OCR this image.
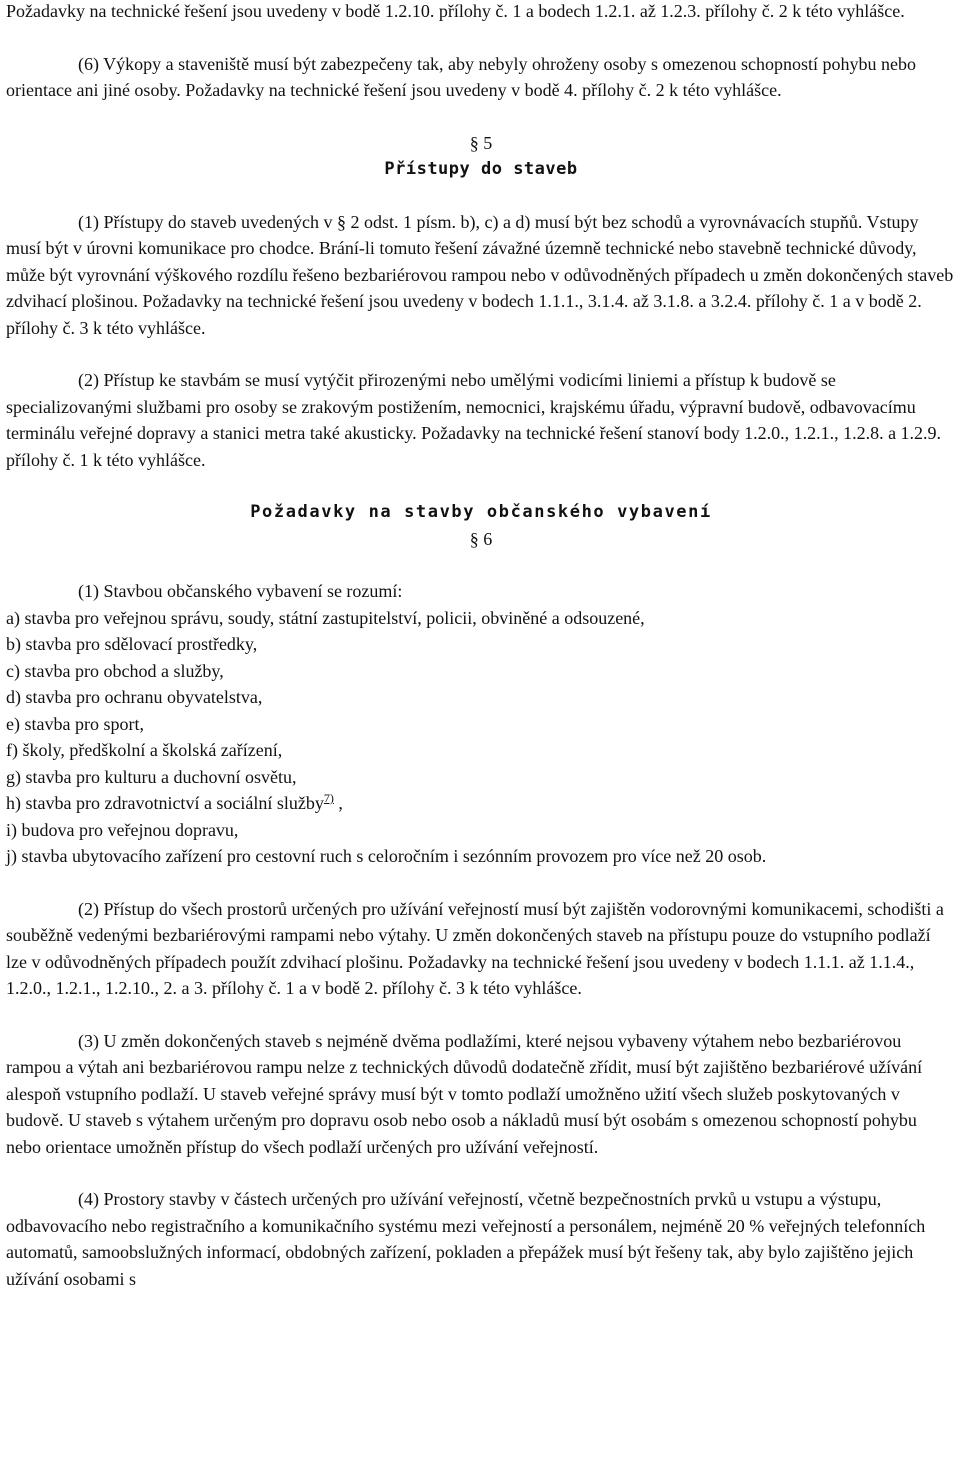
Požadavky na technické řešení jsou uvedeny v bodě 1.2.10. přílohy č. 1 a bodech 1.2.1. až 1.2.3. přílohy č. 2 k této vyhlášce.

(6) Výkopy a staveniště musí být zabezpečeny tak, aby nebyly ohroženy osoby s omezenou schopností pohybu nebo orientace ani jiné osoby. Požadavky na technické řešení jsou uvedeny v bodě 4. přílohy č. 2 k této vyhlášce.

§ 5

Přístupy do staveb

(1) Přístupy do staveb uvedených v § 2 odst. 1 písm. b), c) a d) musí být bez schodů a vyrovnávacích stupňů. Vstupy musí být v úrovni komunikace pro chodce. Brání-li tomuto řešení závažné územně technické nebo stavebně technické důvody, může být vyrovnání výškového rozdílu řešeno bezbariérovou rampou nebo v odůvodněných případech u změn dokončených staveb zdvihací plošinou. Požadavky na technické řešení jsou uvedeny v bodech 1.1.1., 3.1.4. až 3.1.8. a 3.2.4. přílohy č. 1 a v bodě 2. přílohy č. 3 k této vyhlášce.

(2) Přístup ke stavbám se musí vytýčit přirozenými nebo umělými vodicími liniemi a přístup k budově se specializovanými službami pro osoby se zrakovým postižením, nemocnici, krajskému úřadu, výpravní budově, odbavovacímu terminálu veřejné dopravy a stanici metra také akusticky. Požadavky na technické řešení stanoví body 1.2.0., 1.2.1., 1.2.8. a 1.2.9. přílohy č. 1 k této vyhlášce.

Požadavky na stavby občanského vybavení

§ 6

(1) Stavbou občanského vybavení se rozumí:

a) stavba pro veřejnou správu, soudy, státní zastupitelství, policii, obviněné a odsouzené,

b) stavba pro sdělovací prostředky,

c) stavba pro obchod a služby,

d) stavba pro ochranu obyvatelstva,

e) stavba pro sport,

f) školy, předškolní a školská zařízení,

g) stavba pro kulturu a duchovní osvětu,

h) stavba pro zdravotnictví a sociální služby$^{7)}$ ,

i) budova pro veřejnou dopravu,

j) stavba ubytovacího zařízení pro cestovní ruch s celoročním i sezónním provozem pro více než 20 osob.

(2) Přístup do všech prostorů určených pro užívání veřejností musí být zajištěn vodorovnými komunikacemi, schodišti a souběžně vedenými bezbariérovými rampami nebo výtahy. U změn dokončených staveb na přístupu pouze do vstupního podlaží lze v odůvodněných případech použít zdvihací plošinu. Požadavky na technické řešení jsou uvedeny v bodech 1.1.1. až 1.1.4., 1.2.0., 1.2.1., 1.2.10., 2. a 3. přílohy č. 1 a v bodě 2. přílohy č. 3 k této vyhlášce.

(3) U změn dokončených staveb s nejméně dvěma podlažími, které nejsou vybaveny výtahem nebo bezbariérovou rampou a výtah ani bezbariérovou rampu nelze z technických důvodů dodatečně zřídit, musí být zajištěno bezbariérové užívání alespoň vstupního podlaží. U staveb veřejné správy musí být v tomto podlaží umožněno užití všech služeb poskytovaných v budově. U staveb s výtahem určeným pro dopravu osob nebo osob a nákladů musí být osobám s omezenou schopností pohybu nebo orientace umožněn přístup do všech podlaží určených pro užívání veřejností.

(4) Prostory stavby v částech určených pro užívání veřejností, včetně bezpečnostních prvků u vstupu a výstupu, odbavovacího nebo registračního a komunikačního systému mezi veřejností a personálem, nejméně 20 % veřejných telefonních automatů, samoobslužných informací, obdobných zařízení, pokladen a přepážek musí být řešeny tak, aby bylo zajištěno jejich užívání osobami s
